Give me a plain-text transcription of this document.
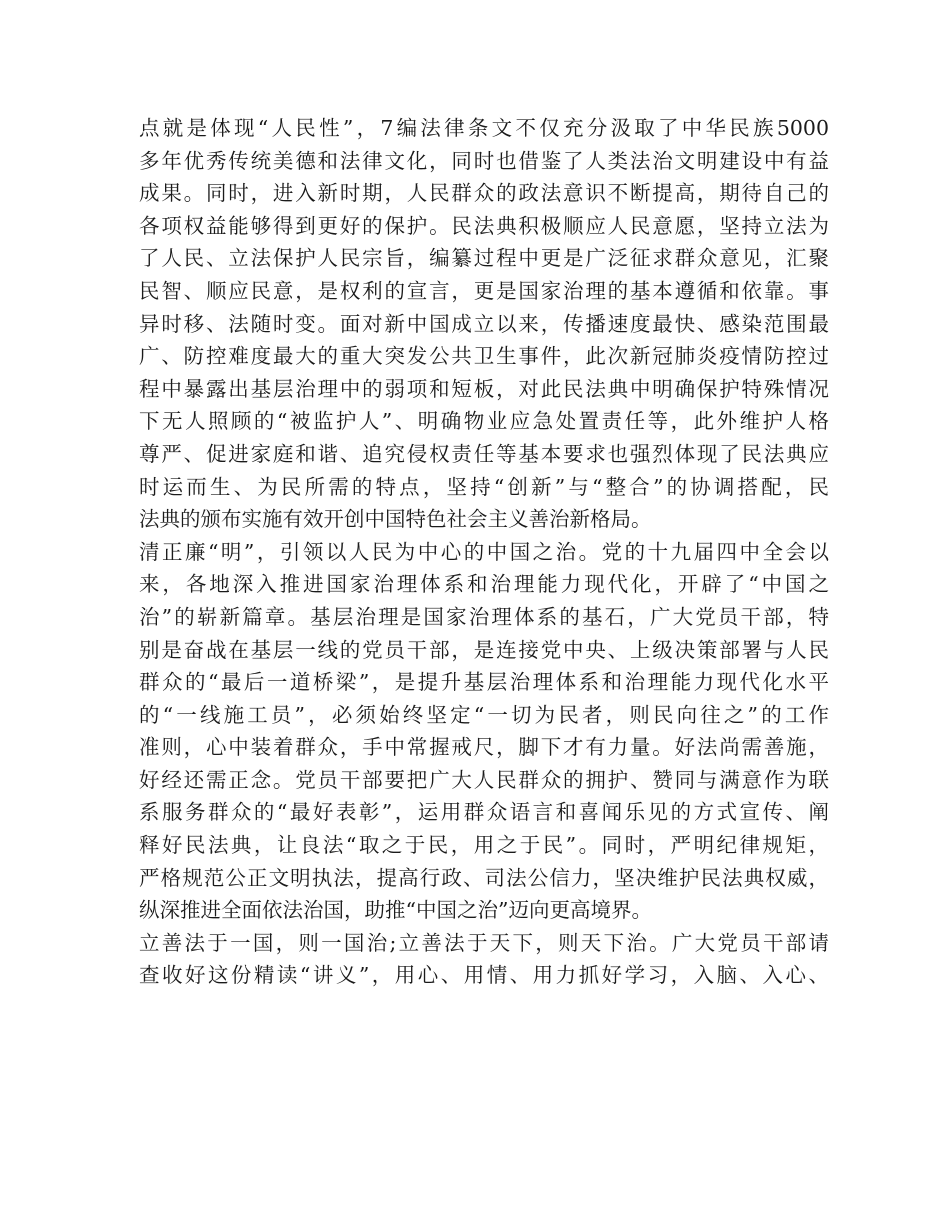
点就是体现“人民性”，7编法律条文不仅充分汲取了中华民族5000
多年优秀传统美德和法律文化，同时也借鉴了人类法治文明建设中有益
成果。同时，进入新时期，人民群众的政法意识不断提高，期待自己的
各项权益能够得到更好的保护。民法典积极顺应人民意愿，坚持立法为
了人民、立法保护人民宗旨，编纂过程中更是广泛征求群众意见，汇聚
民智、顺应民意，是权利的宣言，更是国家治理的基本遵循和依靠。事
异时移、法随时变。面对新中国成立以来，传播速度最快、感染范围最
广、防控难度最大的重大突发公共卫生事件，此次新冠肺炎疫情防控过
程中暴露出基层治理中的弱项和短板，对此民法典中明确保护特殊情况
下无人照顾的“被监护人”、明确物业应急处置责任等，此外维护人格
尊严、促进家庭和谐、追究侵权责任等基本要求也强烈体现了民法典应
时运而生、为民所需的特点，坚持“创新”与“整合”的协调搭配，民
法典的颁布实施有效开创中国特色社会主义善治新格局。
清正廉“明”，引领以人民为中心的中国之治。党的十九届四中全会以
来，各地深入推进国家治理体系和治理能力现代化，开辟了“中国之
治”的崭新篇章。基层治理是国家治理体系的基石，广大党员干部，特
别是奋战在基层一线的党员干部，是连接党中央、上级决策部署与人民
群众的“最后一道桥梁”，是提升基层治理体系和治理能力现代化水平
的“一线施工员”，必须始终坚定“一切为民者，则民向往之”的工作
准则，心中装着群众，手中常握戒尺，脚下才有力量。好法尚需善施，
好经还需正念。党员干部要把广大人民群众的拥护、赞同与满意作为联
系服务群众的“最好表彰”，运用群众语言和喜闻乐见的方式宣传、阐
释好民法典，让良法“取之于民，用之于民”。同时，严明纪律规矩，
严格规范公正文明执法，提高行政、司法公信力，坚决维护民法典权威，
纵深推进全面依法治国，助推“中国之治”迈向更高境界。
立善法于一国，则一国治;立善法于天下，则天下治。广大党员干部请
查收好这份精读“讲义”，用心、用情、用力抓好学习，入脑、入心、
